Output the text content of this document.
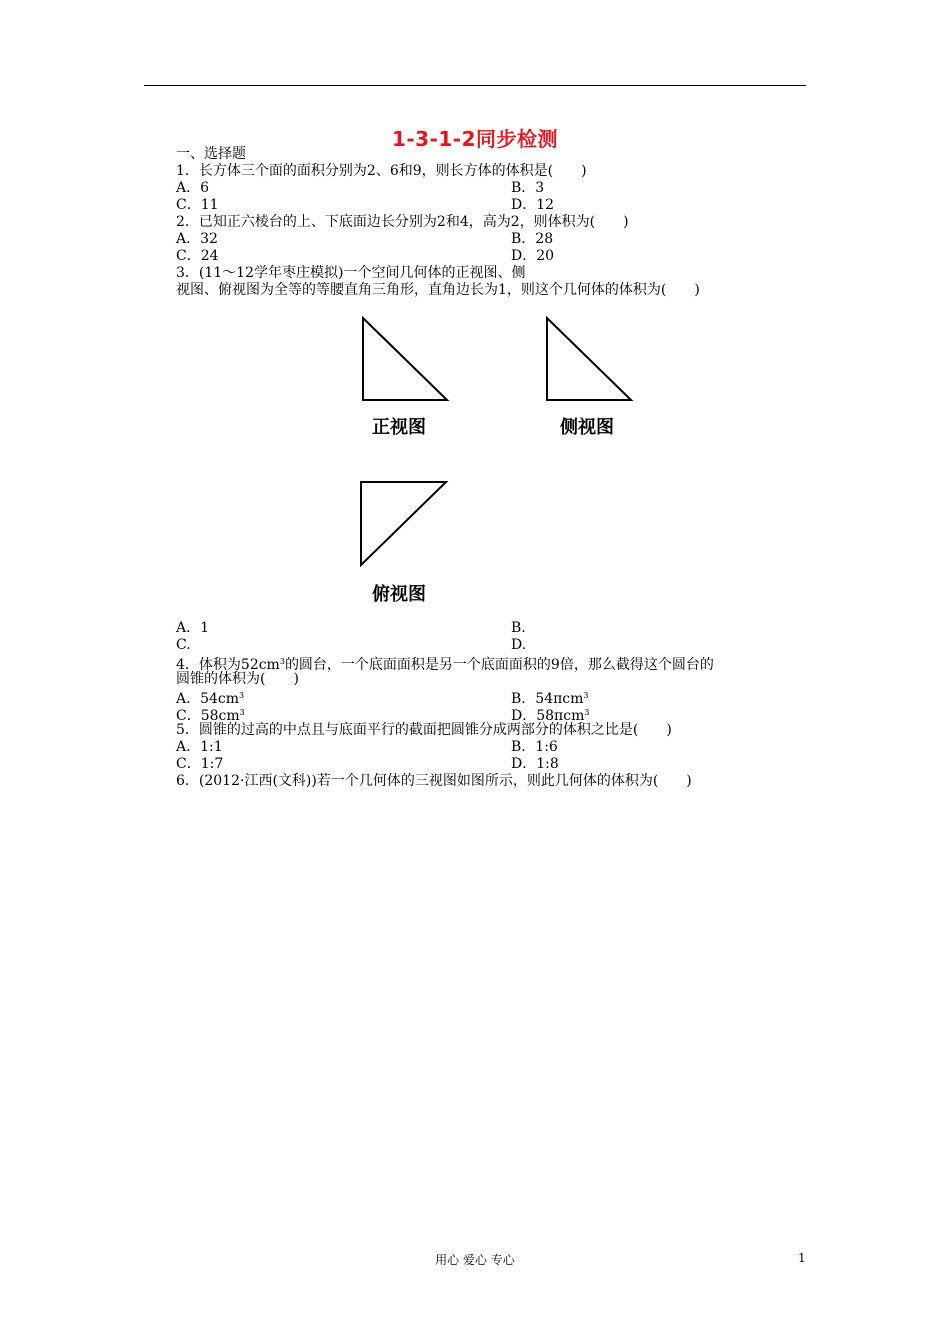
1-3-1-2同步检测
一、选择题
1．长方体三个面的面积分别为2、6和9，则长方体的体积是(　　)
A．6	B．3
C．11	D．12
2．已知正六棱台的上、下底面边长分别为2和4，高为2，则体积为(　　)
A．32	B．28
C．24	D．20
3．(11～12学年枣庄模拟)一个空间几何体的正视图、侧
视图、俯视图为全等的等腰直角三角形，直角边长为1，则这个几何体的体积为(　　)
正视图	侧视图
俯视图
A．1	B.
C.	D.
4．体积为$52cm^3$的圆台，一个底面面积是另一个底面面积的9倍，那么截得这个圆台的
圆锥的体积为(　　)
A．$54cm^3$	B．54πcm$^3$
C．$58cm^3$	D．58πcm$^3$
5．圆锥的过高的中点且与底面平行的截面把圆锥分成两部分的体积之比是(　　)
A．1:1	B．1:6
C．1:7	D．1:8
6．(2012·江西(文科))若一个几何体的三视图如图所示，则此几何体的体积为(　　)
用心 爱心 专心	1
